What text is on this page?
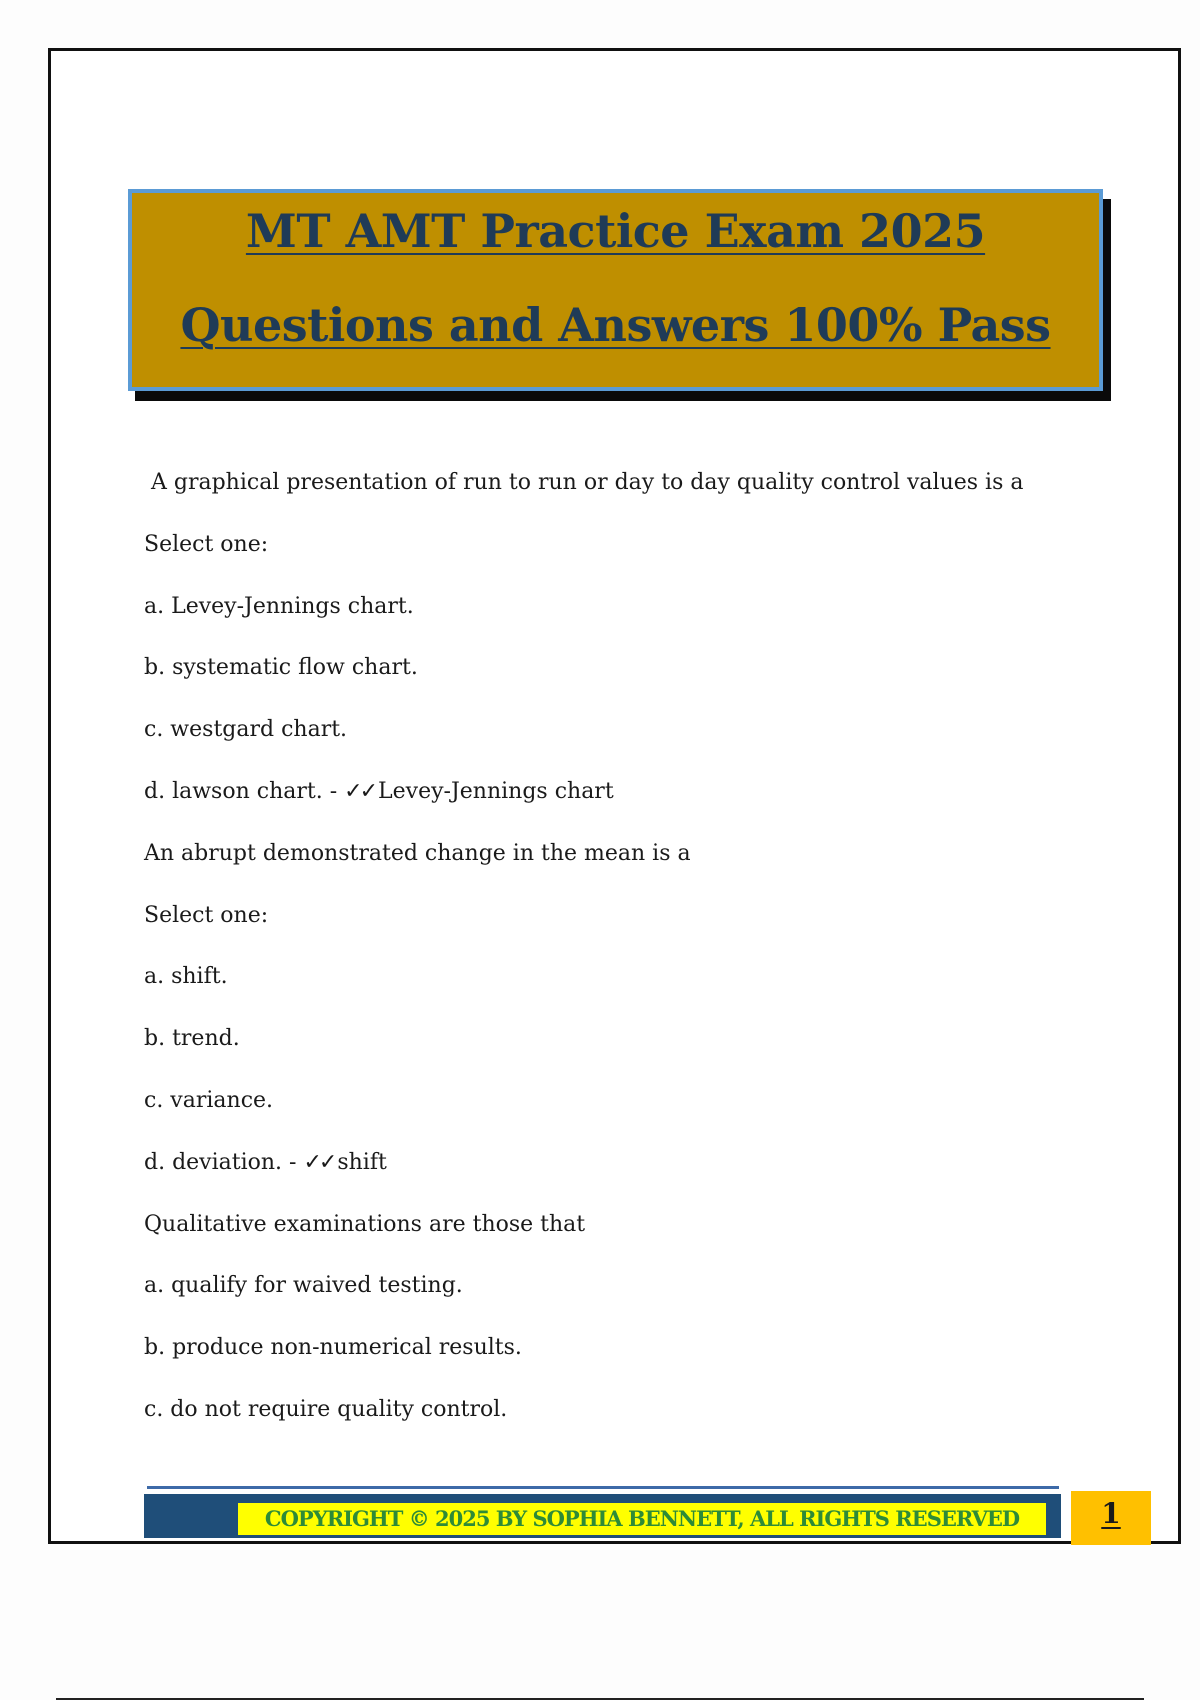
MT AMT Practice Exam 2025
Questions and Answers 100% Pass
A graphical presentation of run to run or day to day quality control values is a
Select one:
a. Levey-Jennings chart.
b. systematic flow chart.
c. westgard chart.
d. lawson chart. - ✓✓ Levey-Jennings chart
An abrupt demonstrated change in the mean is a
Select one:
a. shift.
b. trend.
c. variance.
d. deviation. - ✓✓ shift
Qualitative examinations are those that
a. qualify for waived testing.
b. produce non-numerical results.
c. do not require quality control.
COPYRIGHT © 2025 BY SOPHIA BENNETT, ALL RIGHTS RESERVED	1
